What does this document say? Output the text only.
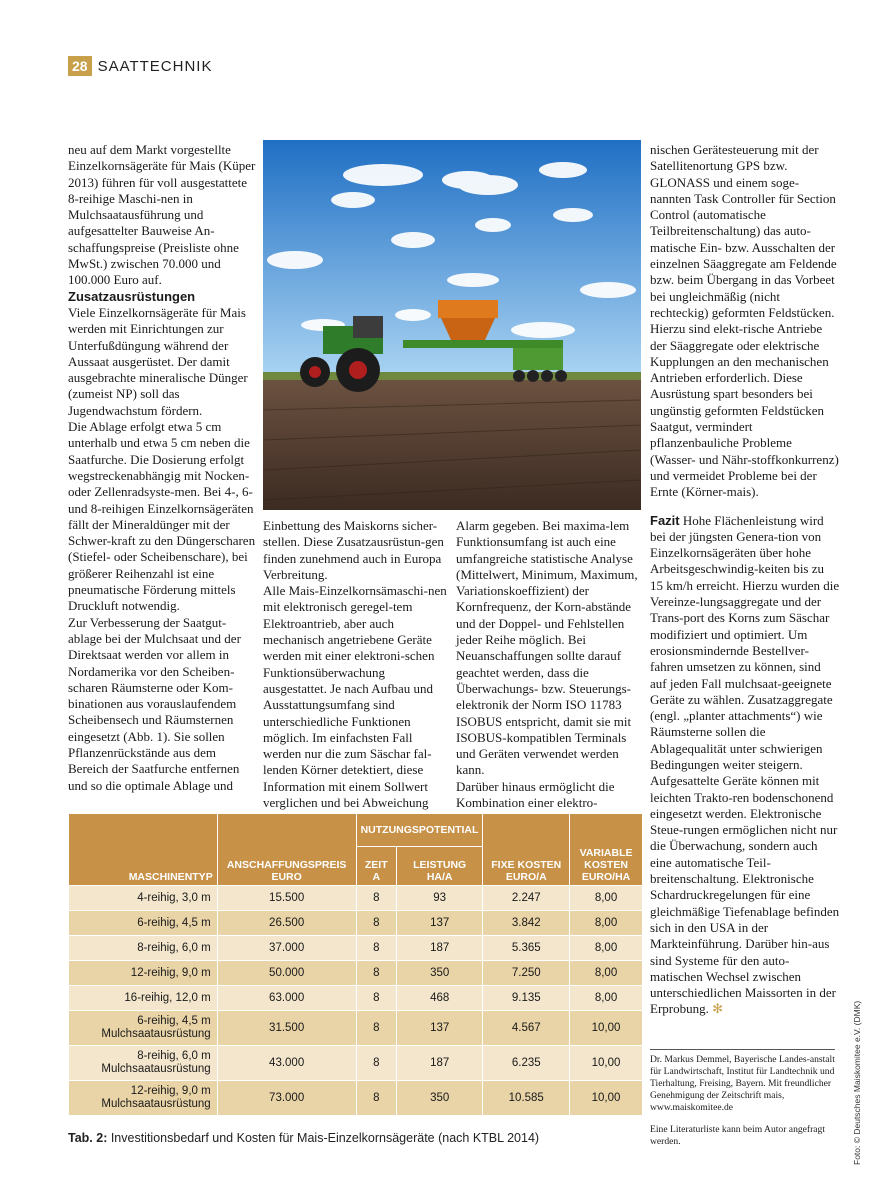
28 SAATTECHNIK

neu auf dem Markt vorgestellte Einzelkornsägeräte für Mais (Küper 2013) führen für voll ausgestattete 8-reihige Maschi-nen in Mulchsaatausführung und aufgesattelter Bauweise An-schaffungspreise (Preisliste ohne MwSt.) zwischen 70.000 und 100.000 Euro auf.

Zusatzausrüstungen

Viele Einzelkornsägeräte für Mais werden mit Einrichtungen zur Unterfußdüngung während der Aussaat ausgerüstet. Der damit ausgebrachte mineralische Dünger (zumeist NP) soll das Jugendwachstum fördern.

Die Ablage erfolgt etwa 5 cm unterhalb und etwa 5 cm neben die Saatfurche. Die Dosierung erfolgt wegstreckenabhängig mit Nocken- oder Zellenradsyste-men. Bei 4-, 6- und 8-reihigen Einzelkornsägeräten fällt der Mineraldünger mit der Schwer-kraft zu den Düngerscharen (Stiefel- oder Scheibenschare), bei größerer Reihenzahl ist eine pneumatische Förderung mittels Druckluft notwendig.

Zur Verbesserung der Saatgut-ablage bei der Mulchsaat und der Direktsaat werden vor allem in Nordamerika vor den Scheiben-scharen Räumsterne oder Kom-binationen aus vorauslaufendem Scheibensech und Räumsternen eingesetzt (Abb. 1). Sie sollen Pflanzenrückstände aus dem Bereich der Saatfurche entfernen und so die optimale Ablage und

Einbettung des Maiskorns sicher-stellen. Diese Zusatzausrüstun-gen finden zunehmend auch in Europa Verbreitung.

Alle Mais-Einzelkornsämaschi-nen mit elektronisch geregel-tem Elektroantrieb, aber auch mechanisch angetriebene Geräte werden mit einer elektroni-schen Funktionsüberwachung ausgestattet. Je nach Aufbau und Ausstattungsumfang sind unterschiedliche Funktionen möglich. Im einfachsten Fall werden nur die zum Säschar fal-lenden Körner detektiert, diese Information mit einem Sollwert verglichen und bei Abweichung

Alarm gegeben. Bei maxima-lem Funktionsumfang ist auch eine umfangreiche statistische Analyse (Mittelwert, Minimum, Maximum, Variationskoeffizient) der Kornfrequenz, der Korn-abstände und der Doppel- und Fehlstellen jeder Reihe möglich. Bei Neuanschaffungen sollte darauf geachtet werden, dass die Überwachungs- bzw. Steuerungs-elektronik der Norm ISO 11783 ISOBUS entspricht, damit sie mit ISOBUS-kompatiblen Terminals und Geräten verwendet werden kann.

Darüber hinaus ermöglicht die Kombination einer elektro-

nischen Gerätesteuerung mit der Satellitenortung GPS bzw. GLONASS und einem soge-nannten Task Controller für Section Control (automatische Teilbreitenschaltung) das auto-matische Ein- bzw. Ausschalten der einzelnen Säaggregate am Feldende bzw. beim Übergang in das Vorbeet bei ungleichmäßig (nicht rechteckig) geformten Feldstücken. Hierzu sind elekt-rische Antriebe der Säaggregate oder elektrische Kupplungen an den mechanischen Antrieben erforderlich. Diese Ausrüstung spart besonders bei ungünstig geformten Feldstücken Saatgut, vermindert pflanzenbauliche Probleme (Wasser- und Nähr-stoffkonkurrenz) und vermeidet Probleme bei der Ernte (Körner-mais).

Fazit Hohe Flächenleistung wird bei der jüngsten Genera-tion von Einzelkornsägeräten über hohe Arbeitsgeschwindig-keiten bis zu 15 km/h erreicht. Hierzu wurden die Vereinze-lungsaggregate und der Trans-port des Korns zum Säschar modifiziert und optimiert. Um erosionsmindernde Bestellver-fahren umsetzen zu können, sind auf jeden Fall mulchsaat-geeignete Geräte zu wählen. Zusatzaggregate (engl. „planter attachments“) wie Räumsterne sollen die Ablagequalität unter schwierigen Bedingungen weiter steigern. Aufgesattelte Geräte können mit leichten Trakto-ren bodenschonend eingesetzt werden. Elektronische Steue-rungen ermöglichen nicht nur die Überwachung, sondern auch eine automatische Teil-breitenschaltung. Elektronische Schardruckregelungen für eine gleichmäßige Tiefenablage befinden sich in den USA in der Markteinführung. Darüber hin-aus sind Systeme für den auto-matischen Wechsel zwischen unterschiedlichen Maissorten in der Erprobung. ✻

Dr. Markus Demmel, Bayerische Landes-anstalt für Landwirtschaft, Institut für Landtechnik und Tierhaltung, Freising, Bayern. Mit freundlicher Genehmigung der Zeitschrift mais, www.maiskomitee.de

Eine Literaturliste kann beim Autor angefragt werden.	Foto: © Deutsches Maiskomitee e.V. (DMK)
MASCHINENTYP	ANSCHAFFUNGSPREIS EURO	NUTZUNGSPOTENTIAL		FIXE KOSTEN EURO/A	VARIABLE KOSTEN EURO/HA
		ZEIT A	LEISTUNG HA/A		
4-reihig, 3,0 m	15.500	8	93	2.247	8,00
6-reihig, 4,5 m	26.500	8	137	3.842	8,00
8-reihig, 6,0 m	37.000	8	187	5.365	8,00
12-reihig, 9,0 m	50.000	8	350	7.250	8,00
16-reihig, 12,0 m	63.000	8	468	9.135	8,00
6-reihig, 4,5 m
Mulchsaatausrüstung	31.500	8	137	4.567	10,00
8-reihig, 6,0 m
Mulchsaatausrüstung	43.000	8	187	6.235	10,00
12-reihig, 9,0 m
Mulchsaatausrüstung	73.000	8	350	10.585	10,00
Tab. 2: Investitionsbedarf und Kosten für Mais-Einzelkornsägeräte (nach KTBL 2014)
